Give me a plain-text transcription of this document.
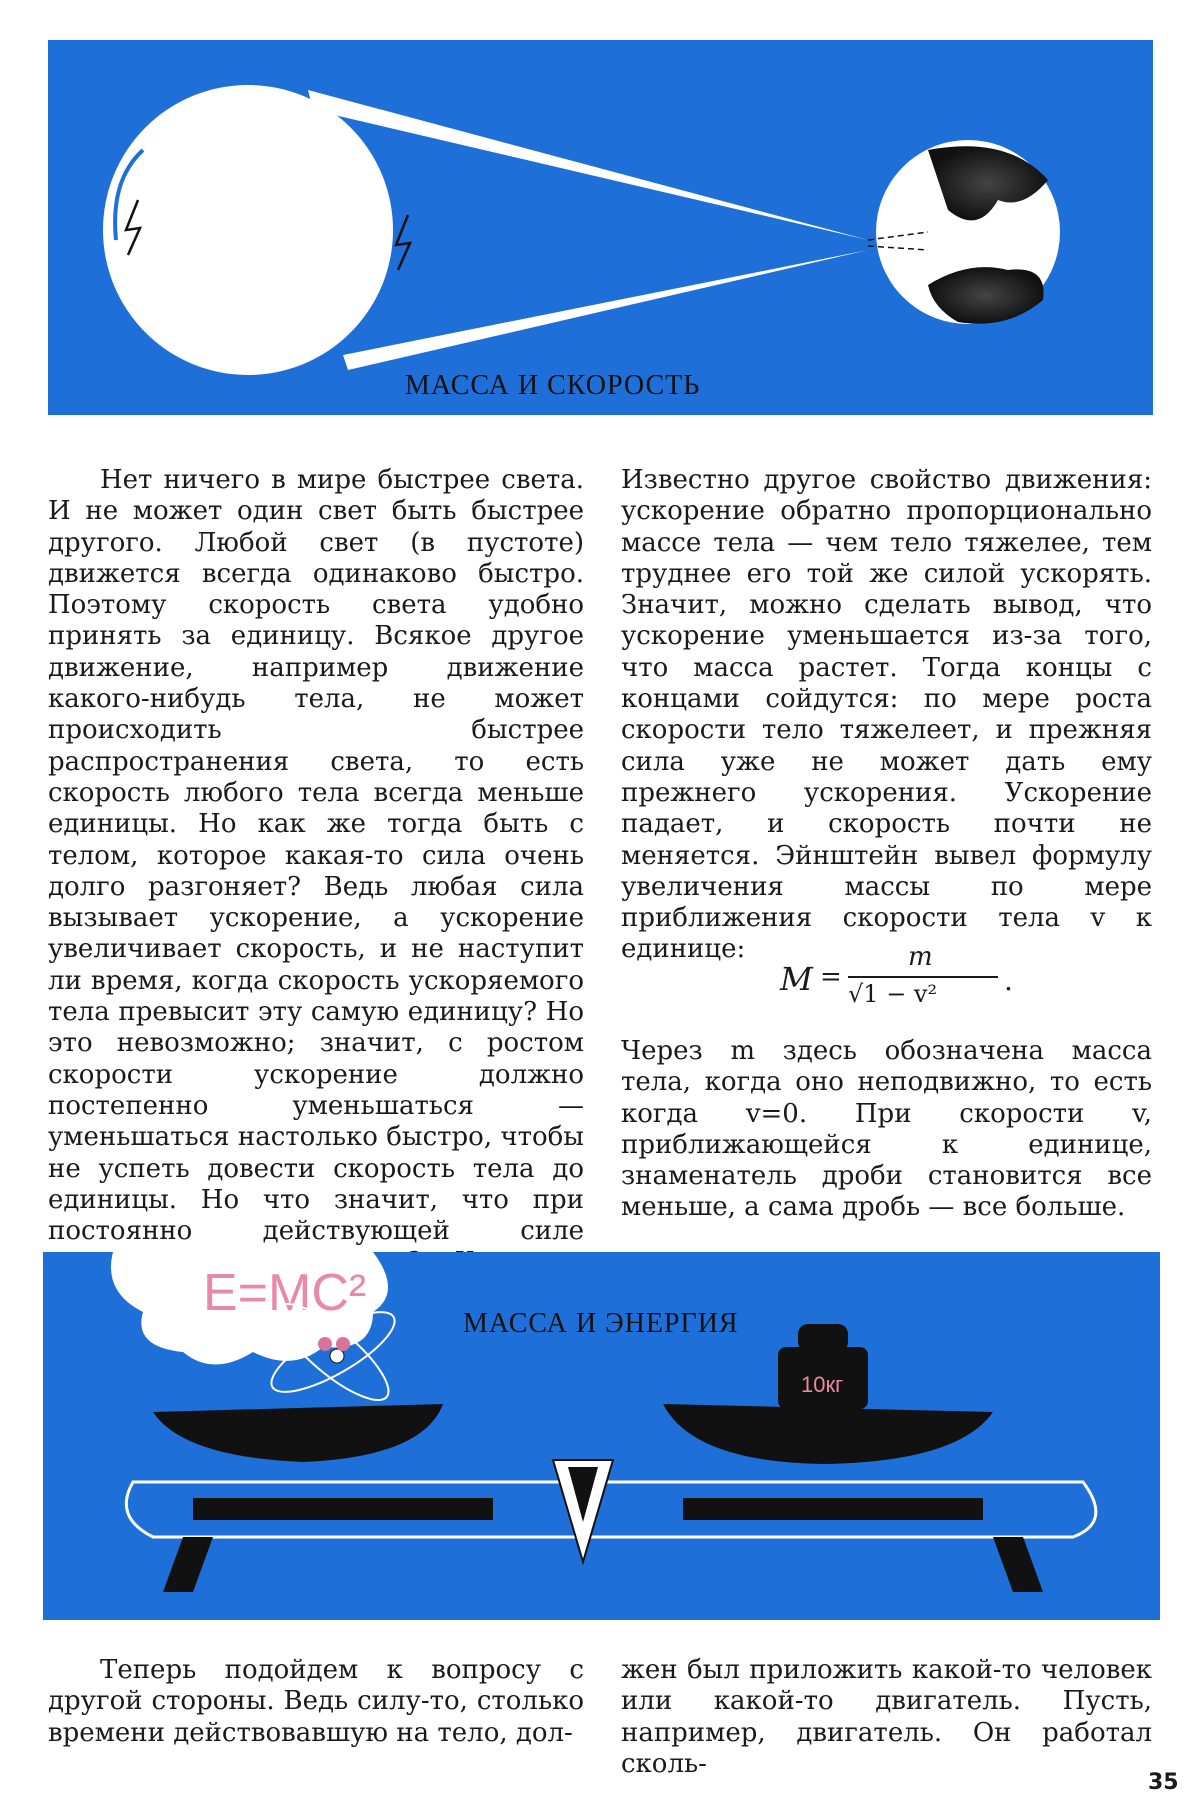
МАССА И СКОРОСТЬ

Нет ничего в мире быстрее света. И не может один свет быть быстрее другого. Любой свет (в пустоте) движется всегда одинаково быстро. Поэтому скорость света удобно принять за единицу. Всякое другое движение, например движение какого-нибудь тела, не может происходить быстрее распространения света, то есть скорость любого тела всегда меньше единицы. Но как же тогда быть с телом, которое какая-то сила очень долго разгоняет? Ведь любая сила вызывает ускорение, а ускорение увеличивает скорость, и не наступит ли время, когда скорость ускоряемого тела превысит эту самую единицу? Но это невозможно; значит, с ростом скорости ускорение должно постепенно уменьшаться — уменьшаться настолько быстро, чтобы не успеть довести скорость тела до единицы. Но что значит, что при постоянно действующей силе

Известно другое свойство движения: ускорение обратно пропорционально массе тела — чем тело тяжелее, тем труднее его той же силой ускорять. Значит, можно сделать вывод, что ускорение уменьшается из-за того, что масса растет. Тогда концы с концами сойдутся: по мере роста скорости тело тяжелеет, и прежняя сила уже не может дать ему прежнего ускорения. Ускорение падает, и скорость почти не меняется. Эйнштейн вывел формулу увеличения массы по мере приближения скорости тела v к единице:

M =
m
√1 − v² .

Через m здесь обозначена масса тела, когда оно неподвижно, то есть когда v=0. При скорости v, приближающейся к единице, знаменатель дроби становится все меньше, а сама дробь — все больше.

E=MC²
10кг
МАССА И ЭНЕРГИЯ

Теперь подойдем к вопросу с другой стороны. Ведь силу-то, столько времени действовавшую на тело, дол-

жен был приложить какой-то человек или какой-то двигатель. Пусть, например, двигатель. Он работал сколь-

35
